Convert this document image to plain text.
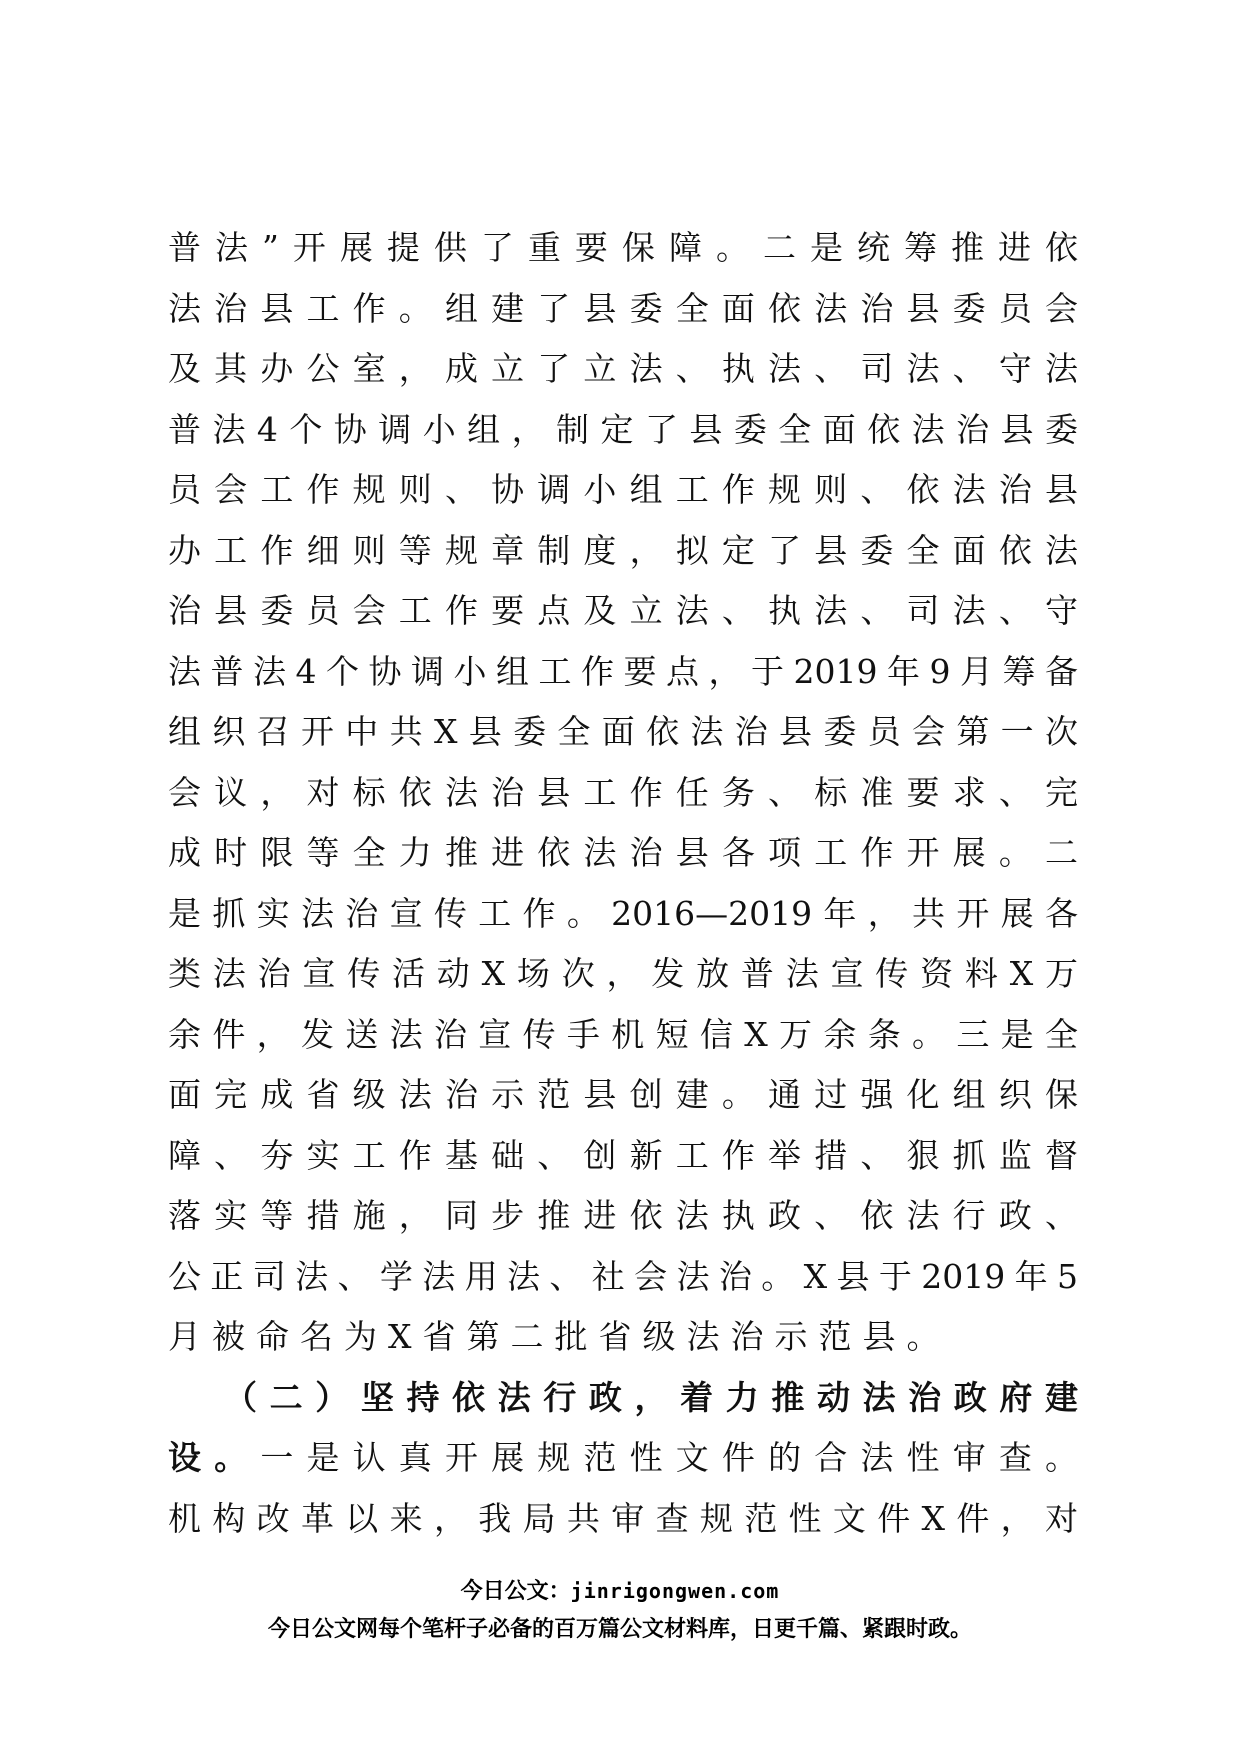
普法”开展提供了重要保障。二是统筹推进依
法治县工作。组建了县委全面依法治县委员会
及其办公室，成立了立法、执法、司法、守法
普法4个协调小组，制定了县委全面依法治县委
员会工作规则、协调小组工作规则、依法治县
办工作细则等规章制度，拟定了县委全面依法
治县委员会工作要点及立法、执法、司法、守
法普法4个协调小组工作要点，于2019年9月筹备
组织召开中共X县委全面依法治县委员会第一次
会议，对标依法治县工作任务、标准要求、完
成时限等全力推进依法治县各项工作开展。二
是抓实法治宣传工作。2016—2019年，共开展各
类法治宣传活动X场次，发放普法宣传资料X万
余件，发送法治宣传手机短信X万余条。三是全
面完成省级法治示范县创建。通过强化组织保
障、夯实工作基础、创新工作举措、狠抓监督
落实等措施，同步推进依法执政、依法行政、
公正司法、学法用法、社会法治。X县于2019年5
月被命名为X省第二批省级法治示范县。
（二）坚持依法行政，着力推动法治政府建
设。一是认真开展规范性文件的合法性审查。
机构改革以来，我局共审查规范性文件X件，对
今日公文：jinrigongwen.com
今日公文网每个笔杆子必备的百万篇公文材料库，日更千篇、紧跟时政。
